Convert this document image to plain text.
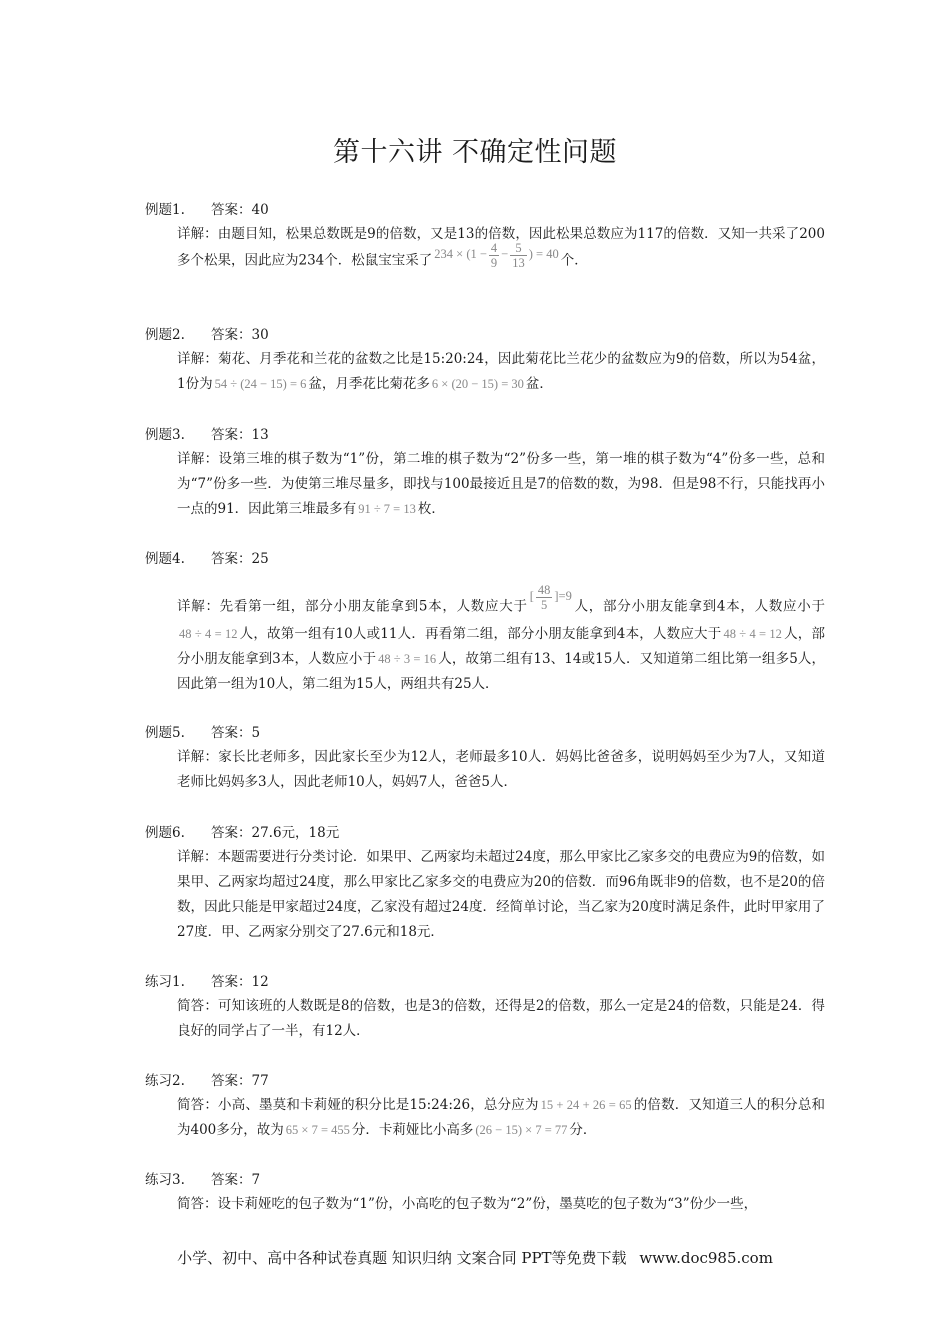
第十六讲 不确定性问题
例题1. 答案：40
详解：由题目知，松果总数既是9的倍数，又是13的倍数，因此松果总数应为117的倍数．又知一共采了200多个松果，因此应为234个．松鼠宝宝采了 $234 \times (1 - \frac{4}{9} - \frac{5}{13}$ ) = 40 个．
例题2. 答案：30
详解：菊花、月季花和兰花的盆数之比是15:20:24，因此菊花比兰花少的盆数应为9的倍数，所以为54盆，1份为 54 ÷ (24 − 15) = 6 盆，月季花比菊花多 6 × (20 − 15) = 30 盆．
例题3. 答案：13
详解：设第三堆的棋子数为“1”份，第二堆的棋子数为“2”份多一些，第一堆的棋子数为“4”份多一些，总和为“7”份多一些．为使第三堆尽量多，即找与100最接近且是7的倍数的数，为98．但是98不行，只能找再小一点的91．因此第三堆最多有 91 ÷ 7 = 13 枚．
例题4. 答案：25
详解：先看第一组，部分小朋友能拿到5本，人数应大于[ $\frac{48}{5} ]=9$人，部分小朋友能拿到4本，人数应小于48 ÷ 4 = 12 人，故第一组有10人或11人．再看第二组，部分小朋友能拿到4本，人数应大于 48 ÷ 4 = 12 人，部分小朋友能拿到3本，人数应小于 48 ÷ 3 = 16 人，故第二组有13、14或15人．又知道第二组比第一组多5人，因此第一组为10人，第二组为15人，两组共有25人．
例题5. 答案：5
详解：家长比老师多，因此家长至少为12人，老师最多10人．妈妈比爸爸多，说明妈妈至少为7人，又知道老师比妈妈多3人，因此老师10人，妈妈7人，爸爸5人．
例题6. 答案：27.6元，18元
详解：本题需要进行分类讨论．如果甲、乙两家均未超过24度，那么甲家比乙家多交的电费应为9的倍数，如果甲、乙两家均超过24度，那么甲家比乙家多交的电费应为20的倍数．而96角既非9的倍数，也不是20的倍数，因此只能是甲家超过24度，乙家没有超过24度．经简单讨论，当乙家为20度时满足条件，此时甲家用了27度．甲、乙两家分别交了27.6元和18元．
练习1. 答案：12
简答：可知该班的人数既是8的倍数，也是3的倍数，还得是2的倍数，那么一定是24的倍数，只能是24．得良好的同学占了一半，有12人．
练习2. 答案：77
简答：小高、墨莫和卡莉娅的积分比是15:24:26，总分应为 15 + 24 + 26 = 65 的倍数．又知道三人的积分总和为400多分，故为 65 × 7 = 455 分．卡莉娅比小高多 (26 − 15) × 7 = 77 分．
练习3. 答案：7
简答：设卡莉娅吃的包子数为“1”份，小高吃的包子数为“2”份，墨莫吃的包子数为“3”份少一些，
小学、初中、高中各种试卷真题 知识归纳 文案合同 PPT等免费下载 www.doc985.com
